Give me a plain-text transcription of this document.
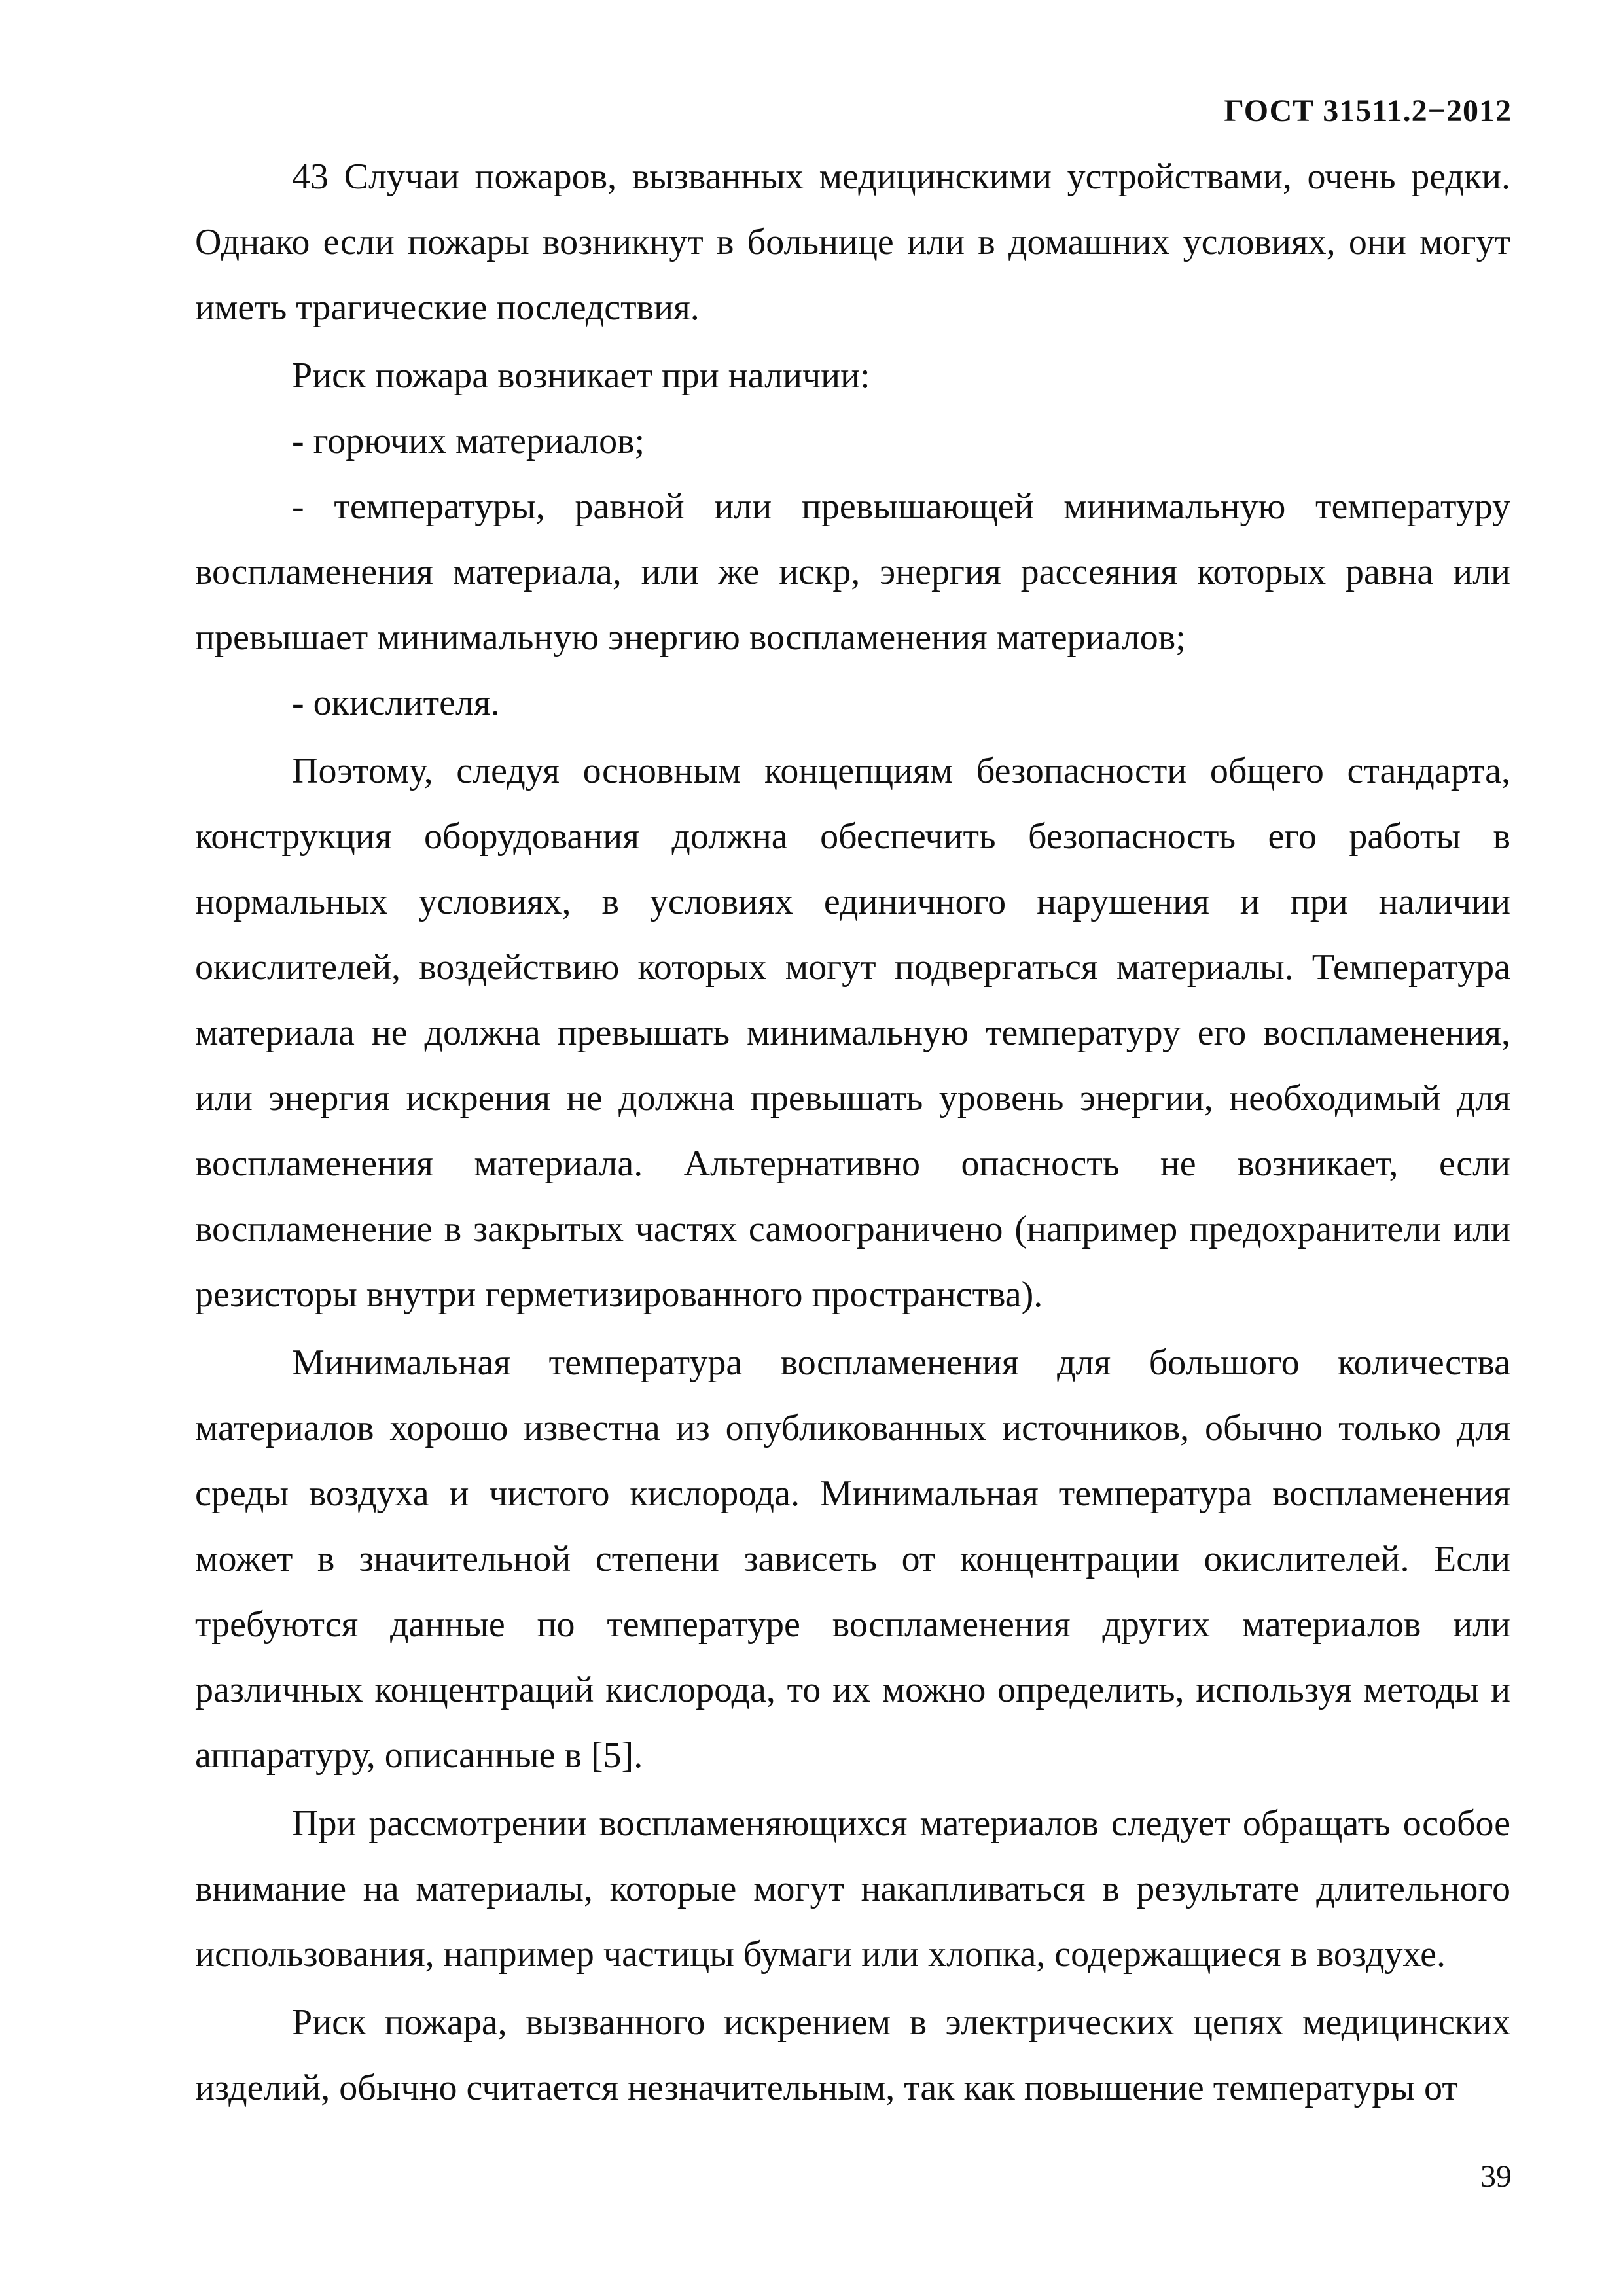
ГОСТ 31511.2−2012

43 Случаи пожаров, вызванных медицинскими устройствами, очень редки. Однако если пожары возникнут в больнице или в домашних условиях, они могут иметь трагические последствия.

Риск пожара возникает при наличии:

- горючих материалов;

- температуры, равной или превышающей минимальную температуру воспламенения материала, или же искр, энергия рассеяния которых равна или превышает минимальную энергию воспламенения материалов;

- окислителя.

Поэтому, следуя основным концепциям безопасности общего стандарта, конструкция оборудования должна обеспечить безопасность его работы в нормальных условиях, в условиях единичного нарушения и при наличии окислителей, воздействию которых могут подвергаться материалы. Температура материала не должна превышать минимальную температуру его воспламенения, или энергия искрения не должна превышать уровень энергии, необходимый для воспламенения материала. Альтернативно опасность не возникает, если воспламенение в закрытых частях самоограничено (например предохранители или резисторы внутри герметизированного пространства).

Минимальная температура воспламенения для большого количества материалов хорошо известна из опубликованных источников, обычно только для среды воздуха и чистого кислорода. Минимальная температура воспламенения может в значительной степени зависеть от концентрации окислителей. Если требуются данные по температуре воспламенения других материалов или различных концентраций кислорода, то их можно определить, используя методы и аппаратуру, описанные в [5].

При рассмотрении воспламеняющихся материалов следует обращать особое внимание на материалы, которые могут накапливаться в результате длительного использования, например частицы бумаги или хлопка, содержащиеся в воздухе.

Риск пожара, вызванного искрением в электрических цепях медицинских изделий, обычно считается незначительным, так как повышение температуры от

39
